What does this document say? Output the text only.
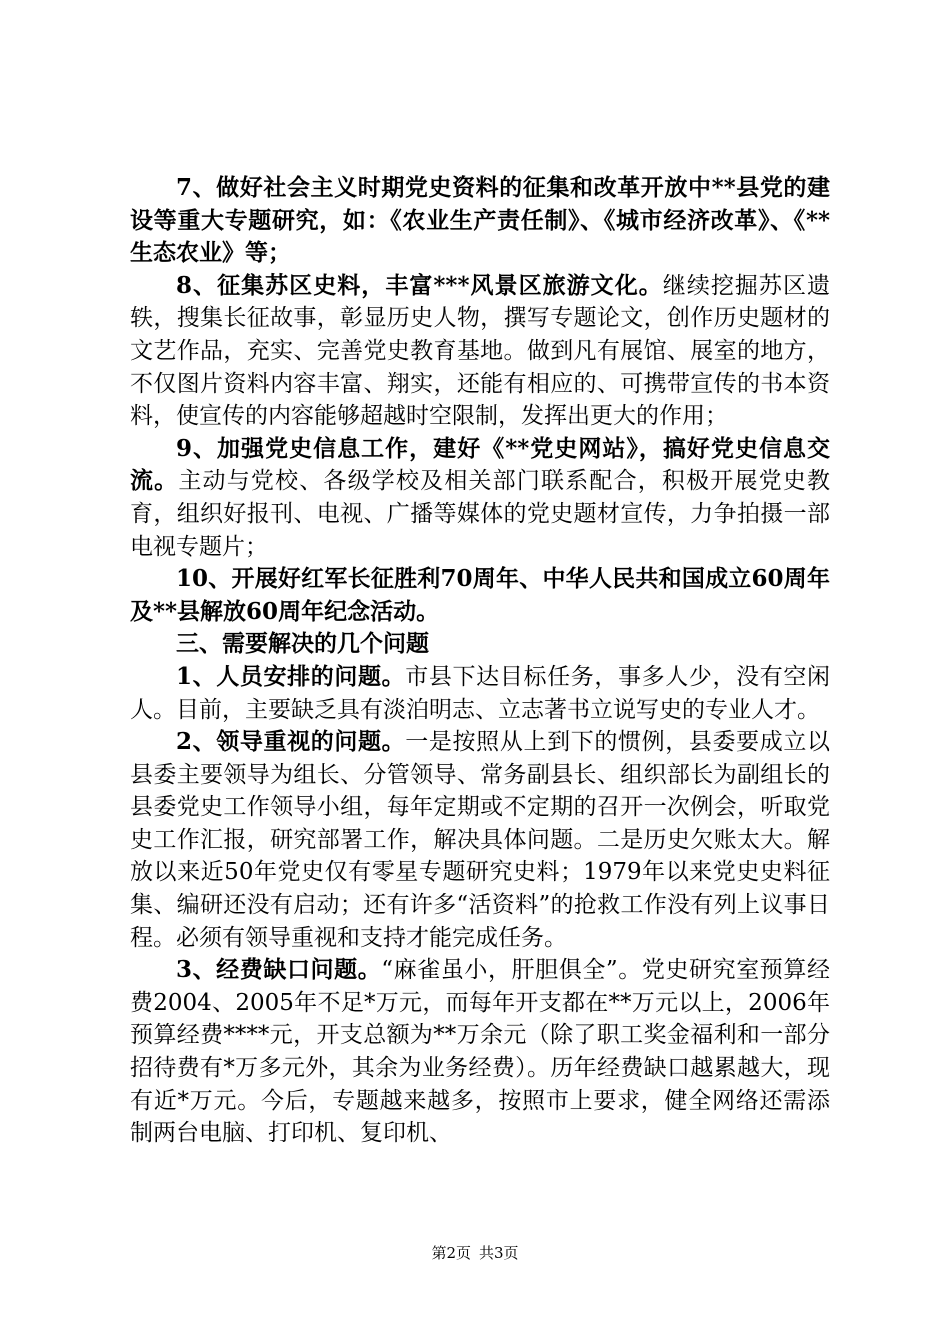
7、做好社会主义时期党史资料的征集和改革开放中**县党的建设等重大专题研究，如：《农业生产责任制》、《城市经济改革》、《**生态农业》等；

8、征集苏区史料，丰富***风景区旅游文化。继续挖掘苏区遗轶，搜集长征故事，彰显历史人物，撰写专题论文，创作历史题材的文艺作品，充实、完善党史教育基地。做到凡有展馆、展室的地方，不仅图片资料内容丰富、翔实，还能有相应的、可携带宣传的书本资料，使宣传的内容能够超越时空限制，发挥出更大的作用；

9、加强党史信息工作，建好《**党史网站》，搞好党史信息交流。主动与党校、各级学校及相关部门联系配合，积极开展党史教育，组织好报刊、电视、广播等媒体的党史题材宣传，力争拍摄一部电视专题片；

10、开展好红军长征胜利70周年、中华人民共和国成立60周年及**县解放60周年纪念活动。

三、需要解决的几个问题

1、人员安排的问题。市县下达目标任务，事多人少，没有空闲人。目前，主要缺乏具有淡泊明志、立志著书立说写史的专业人才。

2、领导重视的问题。一是按照从上到下的惯例，县委要成立以县委主要领导为组长、分管领导、常务副县长、组织部长为副组长的县委党史工作领导小组，每年定期或不定期的召开一次例会，听取党史工作汇报，研究部署工作，解决具体问题。二是历史欠账太大。解放以来近50年党史仅有零星专题研究史料；1979年以来党史史料征集、编研还没有启动；还有许多“活资料”的抢救工作没有列上议事日程。必须有领导重视和支持才能完成任务。

3、经费缺口问题。“麻雀虽小，肝胆俱全”。党史研究室预算经费2004、2005年不足*万元，而每年开支都在**万元以上，2006年预算经费****元，开支总额为**万余元（除了职工奖金福利和一部分招待费有*万多元外，其余为业务经费）。历年经费缺口越累越大，现有近*万元。今后，专题越来越多，按照市上要求，健全网络还需添制两台电脑、打印机、复印机、

第2页 共3页
